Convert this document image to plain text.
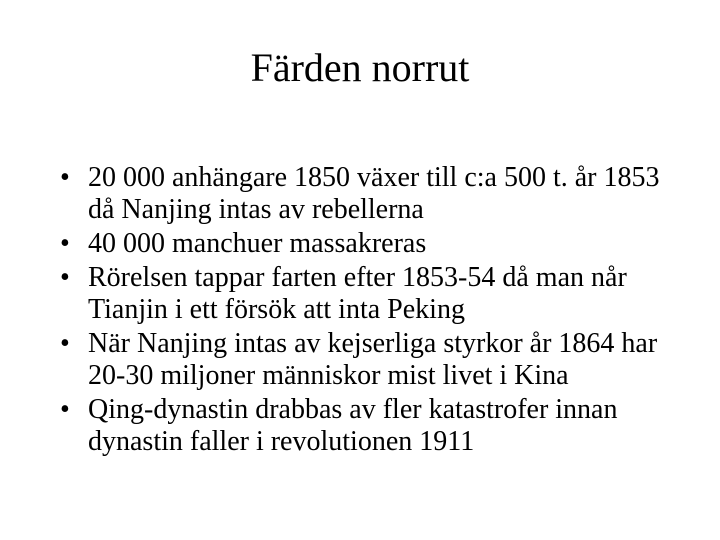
Färden norrut
• 20 000 anhängare 1850 växer till c:a 500 t. år 1853 då Nanjing intas av rebellerna
• 40 000 manchuer massakreras
• Rörelsen tappar farten efter 1853-54 då man når Tianjin i ett försök att inta Peking
• När Nanjing intas av kejserliga styrkor år 1864 har 20-30 miljoner människor mist livet i Kina
• Qing-dynastin drabbas av fler katastrofer innan dynastin faller i revolutionen 1911
